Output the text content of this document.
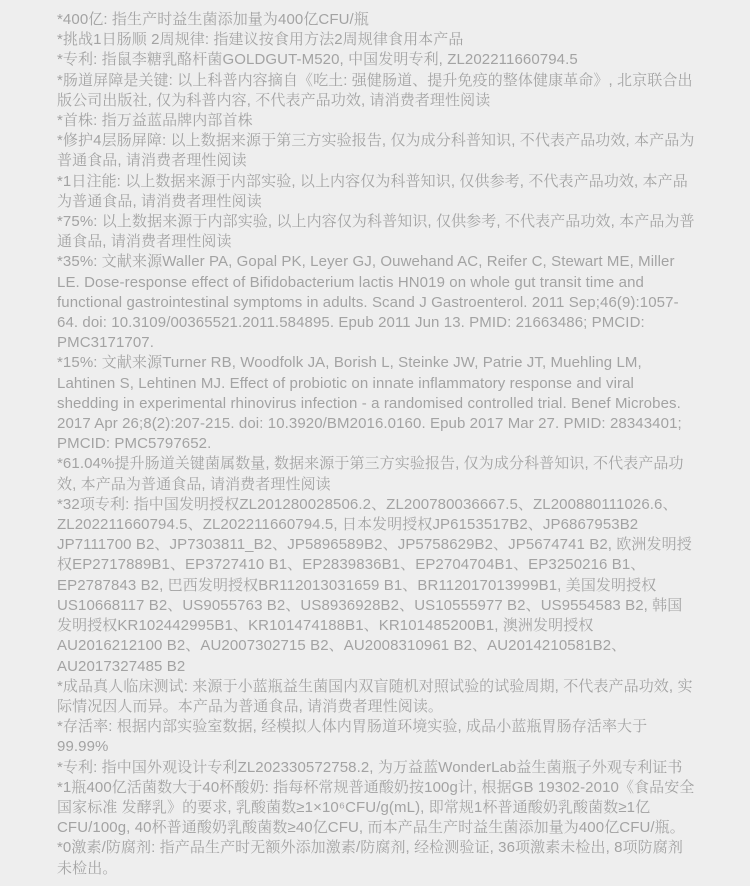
*400亿: 指生产时益生菌添加量为400亿CFU/瓶

*挑战1日肠顺 2周规律: 指建议按食用方法2周规律食用本产品

*专利: 指鼠李糖乳酪杆菌GOLDGUT-M520, 中国发明专利, ZL202211660794.5

*肠道屏障是关键: 以上科普内容摘自《吃土: 强健肠道、提升免疫的整体健康革命》, 北京联合出版公司出版社, 仅为科普内容, 不代表产品功效, 请消费者理性阅读

*首株: 指万益蓝品牌内部首株

*修护4层肠屏障: 以上数据来源于第三方实验报告, 仅为成分科普知识, 不代表产品功效, 本产品为普通食品, 请消费者理性阅读

*1日注能: 以上数据来源于内部实验, 以上内容仅为科普知识, 仅供参考, 不代表产品功效, 本产品为普通食品, 请消费者理性阅读

*75%: 以上数据来源于内部实验, 以上内容仅为科普知识, 仅供参考, 不代表产品功效, 本产品为普通食品, 请消费者理性阅读

*35%: 文献来源Waller PA, Gopal PK, Leyer GJ, Ouwehand AC, Reifer C, Stewart ME, Miller LE. Dose-response effect of Bifidobacterium lactis HN019 on whole gut transit time and functional gastrointestinal symptoms in adults. Scand J Gastroenterol. 2011 Sep;46(9):1057-64. doi: 10.3109/00365521.2011.584895. Epub 2011 Jun 13. PMID: 21663486; PMCID: PMC3171707.

*15%: 文献来源Turner RB, Woodfolk JA, Borish L, Steinke JW, Patrie JT, Muehling LM, Lahtinen S, Lehtinen MJ. Effect of probiotic on innate inflammatory response and viral shedding in experimental rhinovirus infection - a randomised controlled trial. Benef Microbes. 2017 Apr 26;8(2):207-215. doi: 10.3920/BM2016.0160. Epub 2017 Mar 27. PMID: 28343401; PMCID: PMC5797652.

*61.04%提升肠道关键菌属数量, 数据来源于第三方实验报告, 仅为成分科普知识, 不代表产品功效, 本产品为普通食品, 请消费者理性阅读

*32项专利: 指中国发明授权ZL201280028506.2、ZL200780036667.5、ZL200880111026.6、ZL202211660794.5、ZL202211660794.5, 日本发明授权JP6153517B2、JP6867953B2 JP7111700 B2、JP7303811_B2、JP5896589B2、JP5758629B2、JP5674741 B2, 欧洲发明授权EP2717889B1、EP3727410 B1、EP2839836B1、EP2704704B1、EP3250216 B1、EP2787843 B2, 巴西发明授权BR112013031659 B1、BR112017013999B1, 美国发明授权US10668117 B2、US9055763 B2、US8936928B2、US10555977 B2、US9554583 B2, 韩国发明授权KR102442995B1、KR101474188B1、KR101485200B1, 澳洲发明授权AU2016212100 B2、AU2007302715 B2、AU2008310961 B2、AU2014210581B2、AU2017327485 B2

*成品真人临床测试: 来源于小蓝瓶益生菌国内双盲随机对照试验的试验周期, 不代表产品功效, 实际情况因人而异。本产品为普通食品, 请消费者理性阅读。

*存活率: 根据内部实验室数据, 经模拟人体内胃肠道环境实验, 成品小蓝瓶胃肠存活率大于99.99%

*专利: 指中国外观设计专利ZL202330572758.2, 为万益蓝WonderLab益生菌瓶子外观专利证书

*1瓶400亿活菌数大于40杯酸奶: 指每杯常规普通酸奶按100g计, 根据GB 19302-2010《食品安全国家标准 发酵乳》的要求, 乳酸菌数≥1×10⁶CFU/g(mL), 即常规1杯普通酸奶乳酸菌数≥1亿CFU/100g, 40杯普通酸奶乳酸菌数≥40亿CFU, 而本产品生产时益生菌添加量为400亿CFU/瓶。

*0激素/防腐剂: 指产品生产时无额外添加激素/防腐剂, 经检测验证, 36项激素未检出, 8项防腐剂未检出。
